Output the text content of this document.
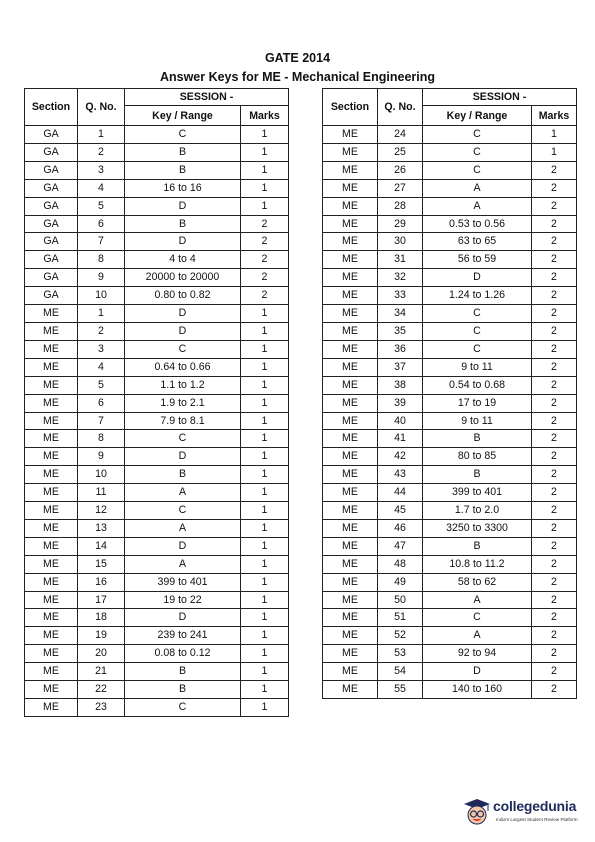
GATE 2014
Answer Keys for ME - Mechanical Engineering
Section	Q. No.	SESSION -	
		Key / Range	Marks
GA	1	C	1
GA	2	B	1
GA	3	B	1
GA	4	16 to 16	1
GA	5	D	1
GA	6	B	2
GA	7	D	2
GA	8	4 to 4	2
GA	9	20000 to 20000	2
GA	10	0.80 to 0.82	2
ME	1	D	1
ME	2	D	1
ME	3	C	1
ME	4	0.64 to 0.66	1
ME	5	1.1 to 1.2	1
ME	6	1.9 to 2.1	1
ME	7	7.9 to 8.1	1
ME	8	C	1
ME	9	D	1
ME	10	B	1
ME	11	A	1
ME	12	C	1
ME	13	A	1
ME	14	D	1
ME	15	A	1
ME	16	399 to 401	1
ME	17	19 to 22	1
ME	18	D	1
ME	19	239 to 241	1
ME	20	0.08 to 0.12	1
ME	21	B	1
ME	22	B	1
ME	23	C	1
Section	Q. No.	SESSION -	
		Key / Range	Marks
ME	24	C	1
ME	25	C	1
ME	26	C	2
ME	27	A	2
ME	28	A	2
ME	29	0.53 to 0.56	2
ME	30	63 to 65	2
ME	31	56 to 59	2
ME	32	D	2
ME	33	1.24 to 1.26	2
ME	34	C	2
ME	35	C	2
ME	36	C	2
ME	37	9 to 11	2
ME	38	0.54 to 0.68	2
ME	39	17 to 19	2
ME	40	9 to 11	2
ME	41	B	2
ME	42	80 to 85	2
ME	43	B	2
ME	44	399 to 401	2
ME	45	1.7 to 2.0	2
ME	46	3250 to 3300	2
ME	47	B	2
ME	48	10.8 to 11.2	2
ME	49	58 to 62	2
ME	50	A	2
ME	51	C	2
ME	52	A	2
ME	53	92 to 94	2
ME	54	D	2
ME	55	140 to 160	2
collegedunia
India's Largest Student Review Platform
